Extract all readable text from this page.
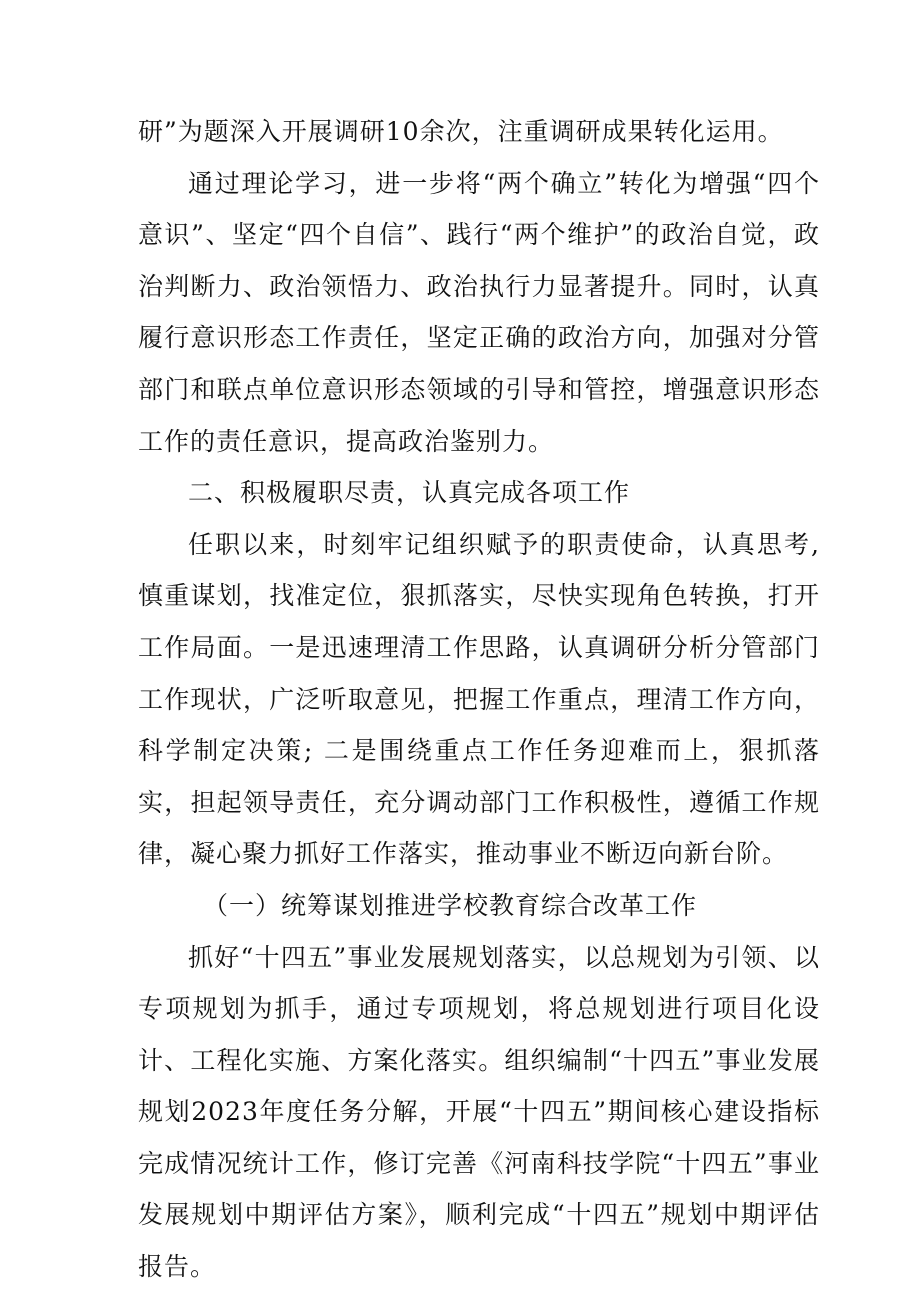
研”为题深入开展调研10余次，注重调研成果转化运用。

通过理论学习，进一步将“两个确立”转化为增强“四个意识”、坚定“四个自信”、践行“两个维护”的政治自觉，政治判断力、政治领悟力、政治执行力显著提升。同时，认真履行意识形态工作责任，坚定正确的政治方向，加强对分管部门和联点单位意识形态领域的引导和管控，增强意识形态工作的责任意识，提高政治鉴别力。

二、积极履职尽责，认真完成各项工作

任职以来，时刻牢记组织赋予的职责使命，认真思考,慎重谋划，找准定位，狠抓落实，尽快实现角色转换，打开工作局面。一是迅速理清工作思路，认真调研分析分管部门工作现状，广泛听取意见，把握工作重点，理清工作方向，科学制定决策; 二是围绕重点工作任务迎难而上，狠抓落实，担起领导责任，充分调动部门工作积极性，遵循工作规律，凝心聚力抓好工作落实，推动事业不断迈向新台阶。

（一）统筹谋划推进学校教育综合改革工作

抓好“十四五”事业发展规划落实，以总规划为引领、以专项规划为抓手，通过专项规划，将总规划进行项目化设计、工程化实施、方案化落实。组织编制“十四五”事业发展规划2023年度任务分解，开展“十四五”期间核心建设指标完成情况统计工作，修订完善《河南科技学院“十四五”事业发展规划中期评估方案》，顺利完成“十四五”规划中期评估报告。
